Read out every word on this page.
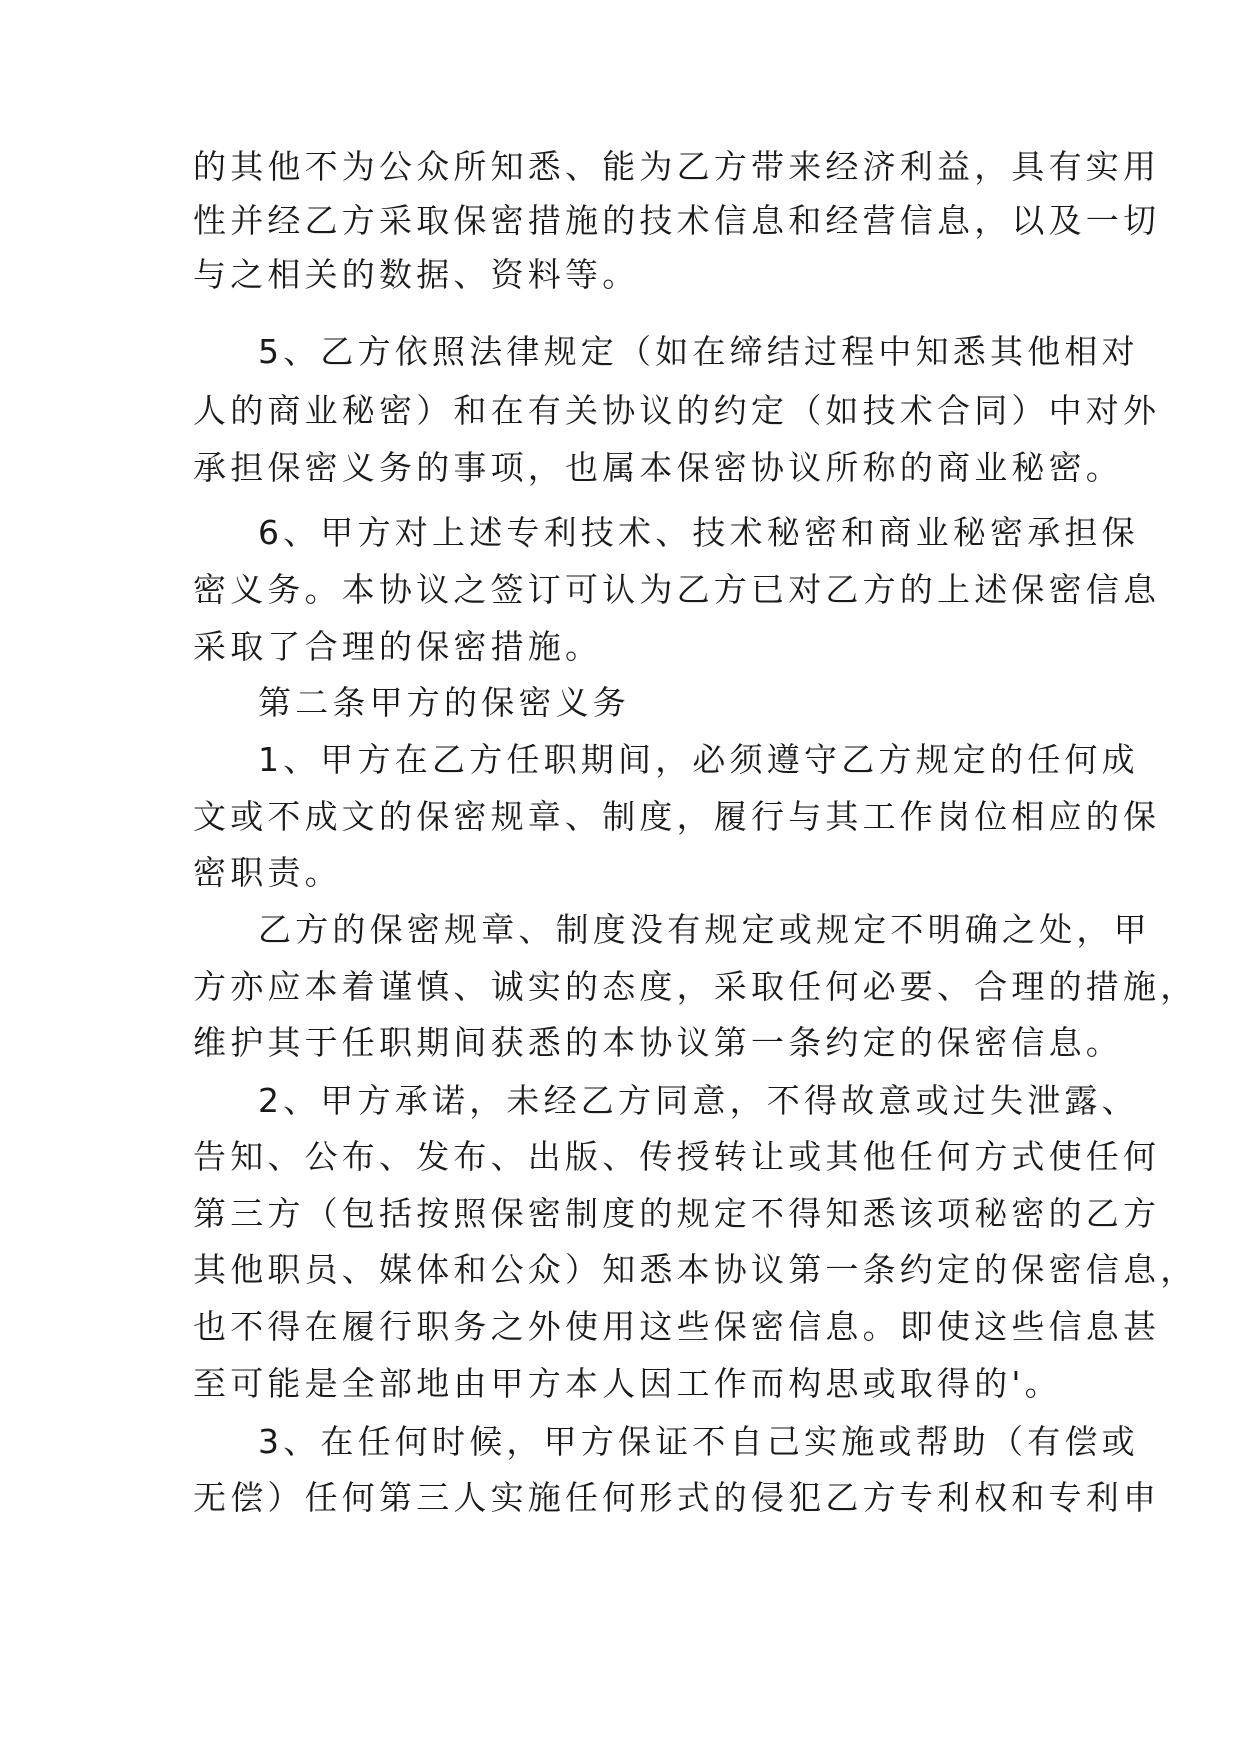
的其他不为公众所知悉、能为乙方带来经济利益，具有实用
性并经乙方采取保密措施的技术信息和经营信息，以及一切
与之相关的数据、资料等。
5、乙方依照法律规定（如在缔结过程中知悉其他相对
人的商业秘密）和在有关协议的约定（如技术合同）中对外
承担保密义务的事项，也属本保密协议所称的商业秘密。
6、甲方对上述专利技术、技术秘密和商业秘密承担保
密义务。本协议之签订可认为乙方已对乙方的上述保密信息
采取了合理的保密措施。
第二条甲方的保密义务
1、甲方在乙方任职期间，必须遵守乙方规定的任何成
文或不成文的保密规章、制度，履行与其工作岗位相应的保
密职责。
乙方的保密规章、制度没有规定或规定不明确之处，甲
方亦应本着谨慎、诚实的态度，采取任何必要、合理的措施，
维护其于任职期间获悉的本协议第一条约定的保密信息。
2、甲方承诺，未经乙方同意，不得故意或过失泄露、
告知、公布、发布、出版、传授转让或其他任何方式使任何
第三方（包括按照保密制度的规定不得知悉该项秘密的乙方
其他职员、媒体和公众）知悉本协议第一条约定的保密信息，
也不得在履行职务之外使用这些保密信息。即使这些信息甚
至可能是全部地由甲方本人因工作而构思或取得的'。
3、在任何时候，甲方保证不自己实施或帮助（有偿或
无偿）任何第三人实施任何形式的侵犯乙方专利权和专利申
